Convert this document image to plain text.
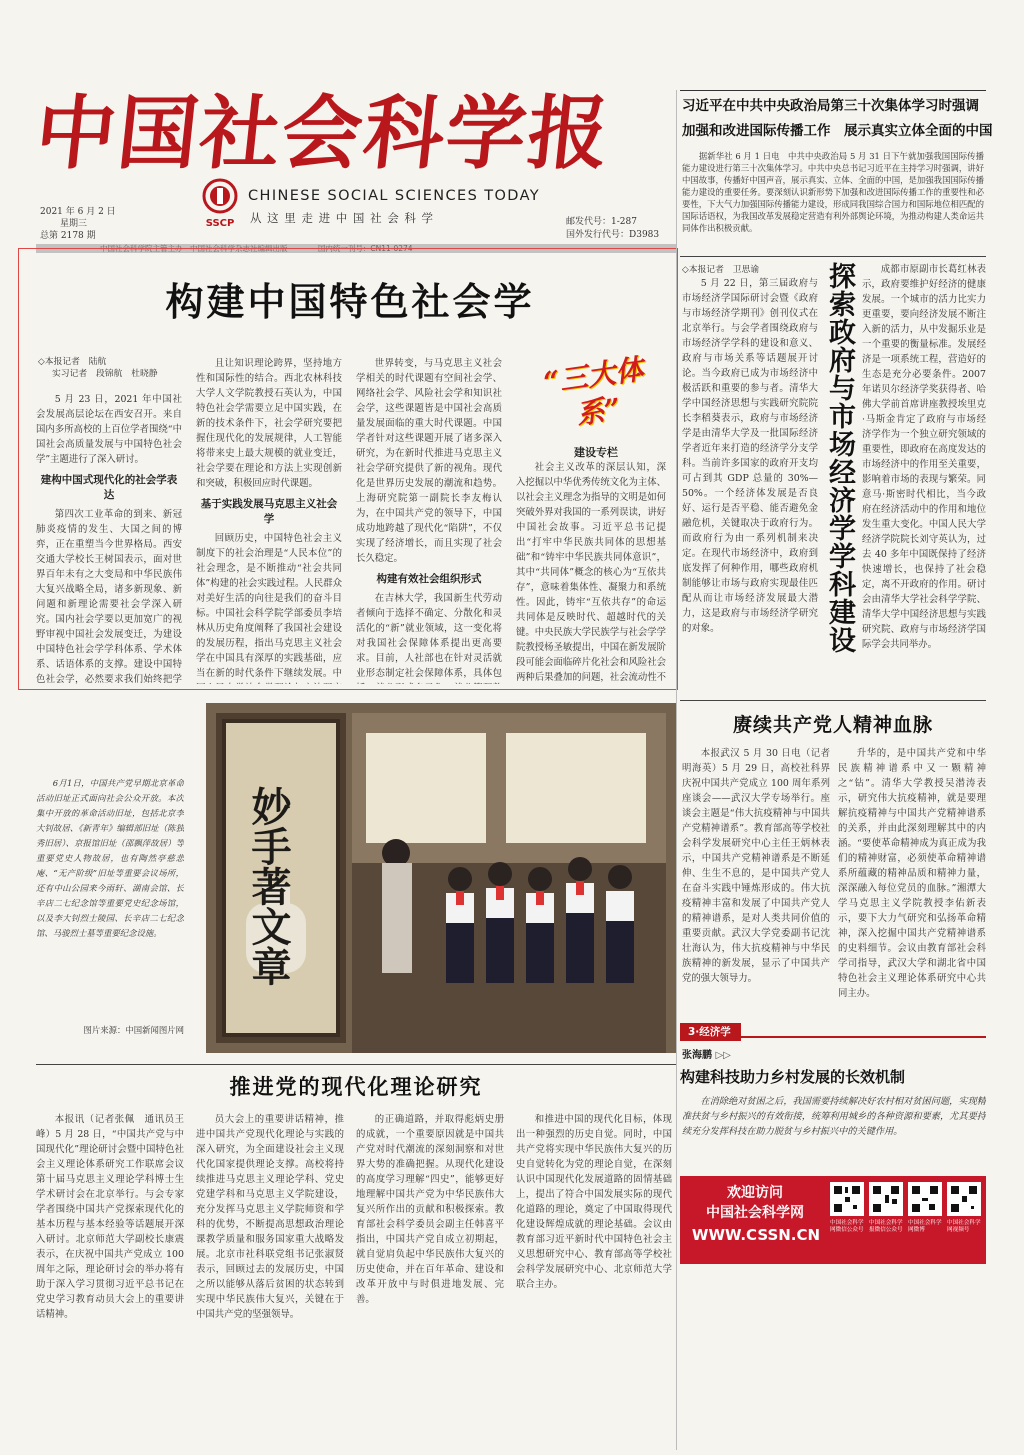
中国社会科学报
SSCP
CHINESE SOCIAL SCIENCES TODAY
从 这 里 走 进 中 国 社 会 科 学
2021 年 6 月 2 日
星期三
总第 2178 期
邮发代号：1-287
国外发行代号：D3983
中国社会科学院主管主办　中国社会科学杂志社编辑出版	国内统一刊号：CN11-0274
习近平在中共中央政治局第三十次集体学习时强调
加强和改进国际传播工作　展示真实立体全面的中国
据新华社 6 月 1 日电　中共中央政治局 5 月 31 日下午就加强我国国际传播能力建设进行第三十次集体学习。中共中央总书记习近平在主持学习时强调，讲好中国故事，传播好中国声音，展示真实、立体、全面的中国，是加强我国国际传播能力建设的重要任务。要深刻认识新形势下加强和改进国际传播工作的重要性和必要性，下大气力加强国际传播能力建设，形成同我国综合国力和国际地位相匹配的国际话语权，为我国改革发展稳定营造有利外部舆论环境，为推动构建人类命运共同体作出积极贡献。
构建中国特色社会学
◇本报记者　陆航
实习记者　段锦航　杜晓静

5 月 23 日，2021 年中国社会发展高层论坛在西安召开。来自国内多所高校的上百位学者围绕“中国社会高质量发展与中国特色社会学”主题进行了深入研讨。

建构中国式现代化的社会学表达

第四次工业革命的到来、新冠肺炎疫情的发生、大国之间的博弈，正在重塑当今世界格局。西安交通大学校长王树国表示，面对世界百年未有之大变局和中华民族伟大复兴战略全局，诸多新现象、新问题和新理论需要社会学深入研究。国内社会学要以更加宽广的视野审视中国社会发展变迁，为建设中国特色社会学学科体系、学术体系、话语体系的支撑。建设中国特色社会学，必然要求我们始终把学

且让知识理论跨界，坚持地方性和国际性的结合。西北农林科技大学人文学院教授石英认为，中国特色社会学需要立足中国实践，在新的技术条件下，社会学研究要把握住现代化的发展规律，人工智能将带来史上最大规模的就业变迁，社会学要在理论和方法上实现创新和突破，积极回应时代课题。

基于实践发展马克思主义社会学

回顾历史，中国特色社会主义制度下的社会治理是“人民本位”的社会理念，是不断推动“社会共同体”构建的社会实践过程。人民群众对美好生活的向往是我们的奋斗目标。中国社会科学院学部委员李培林从历史角度阐释了我国社会建设的发展历程，指出马克思主义社会学在中国具有深厚的实践基础，应当在新的时代条件下继续发展。中

世界转变，与马克思主义社会学相关的时代课题有空间社会学、网络社会学、风险社会学和知识社会学，这些课题皆是中国社会高质量发展面临的重大时代课题。中国学者针对这些课题开展了诸多深入研究，为在新时代推进马克思主义社会学研究提供了新的视角。现代化是世界历史发展的潮流和趋势。上海研究院第一副院长李友梅认为，在中国共产党的领导下，中国成功地跨越了现代化“陷阱”，不仅实现了经济增长，而且实现了社会长久稳定。

构建有效社会组织形式

在吉林大学，我国新生代劳动者倾向于选择不确定、分散化和灵活化的“新”就业领域，这一变化将对我国社会保障体系提出更高要求。目前，人社部也在针对灵活就业形态制定社会保障体系，具体包

“三大体系”
建设专栏

社会主义改革的深层认知，深入挖掘以中华优秀传统文化为主体、以社会主义理念为指导的文明是如何突破外界对我国的一系列误读，讲好中国社会故事。习近平总书记提出“打牢中华民族共同体的思想基础”和“铸牢中华民族共同体意识”，其中“共同体”概念的核心为“互依共存”，意味着集体性、凝聚力和系统性。因此，铸牢“互依共存”的命运共同体是反映时代、超越时代的关键。中央民族大学民族学与社会学学院教授杨圣敏提出，中国在新发展阶段可能会面临碎片化社会和风险社会两种后果叠加的问题，社会流动性不

◇本报记者　卫思谕

5 月 22 日，第三届政府与市场经济学国际研讨会暨《政府与市场经济学期刊》创刊仪式在北京举行。与会学者围绕政府与市场经济学学科的建设和意义、政府与市场关系等话题展开讨论。当今政府已成为市场经济中极活跃和重要的参与者。清华大学中国经济思想与实践研究院院长李稻葵表示，政府与市场经济学是由清华大学及一批国际经济学者近年来打造的经济学分支学科。当前许多国家的政府开支均可占到其 GDP 总量的 30%—50%。一个经济体发展是否良好、运行是否平稳、能否避免金融危机，关键取决于政府行为。而政府行为由一系列机制来决定。在现代市场经济中，政府到底发挥了何种作用，哪些政府机制能够让市场与政府实现最佳匹配从而让市场经济发展最大潜力，这是政府与市场经济学研究的对象。	探索政府与市场经济学学科建设	成都市原副市长葛红林表示，政府要维护好经济的健康发展。一个城市的活力比实力更重要，要向经济发展不断注入新的活力，从中发掘乐业是一个重要的衡量标准。发展经济是一项系统工程，营造好的生态是充分必要条件。2007 年诺贝尔经济学奖获得者、哈佛大学前首席讲座教授埃里克·马斯金肯定了政府与市场经济学作为一个独立研究领域的重要性，即政府在高度发达的市场经济中的作用至关重要，影响着市场的表现与繁荣。同意马·斯密时代相比，当今政府在经济活动中的作用和地位发生重大变化。中国人民大学经济学院院长刘守英认为，过去 40 多年中国既保持了经济快速增长，也保持了社会稳定，离不开政府的作用。研讨会由清华大学社会科学学院、清华大学中国经济思想与实践研究院、政府与市场经济学国际学会共同举办。

妙手著文章
6月1日，中国共产党早期北京革命活动旧址正式面向社会公众开放。本次集中开放的革命活动旧址，包括北京李大钊故居、《新青年》编辑部旧址（陈独秀旧居）、京报馆旧址（邵飘萍故居）等重要党史人物故居，也有陶然亭慈悲庵、“无产阶级”旧址等重要会议场所，还有中山公园来今雨轩、湖南会馆、长辛店二七纪念馆等重要党史纪念场馆，以及李大钊烈士陵园、长辛店二七纪念馆、马骏烈士墓等重要纪念设施。
图片来源：中国新闻图片网
赓续共产党人精神血脉

本报武汉 5 月 30 日电（记者明海英）5 月 29 日，高校社科界庆祝中国共产党成立 100 周年系列座谈会——武汉大学专场举行。座谈会主题是“伟大抗疫精神与中国共产党精神谱系”。教育部高等学校社会科学发展研究中心主任王炳林表示，中国共产党精神谱系是不断延伸、生生不息的，是中国共产党人在奋斗实践中锤炼形成的。伟大抗疫精神丰富和发展了中国共产党人的精神谱系，是对人类共同价值的重要贡献。武汉大学党委副书记沈壮海认为，伟大抗疫精神与中华民族精神的新发展，显示了中国共产党的强大领导力。

升华的，是中国共产党和中华民族精神谱系中又一颗精神之“钻”。清华大学教授吴潜涛表示，研究伟大抗疫精神，就是要理解抗疫精神与中国共产党精神谱系的关系，并由此深刻理解其中的内涵。“要使革命精神成为真正成为我们的精神财富，必须使革命精神谱系所蕴藏的精神品质和精神力量，深深融入每位党员的血脉。”湘潭大学马克思主义学院教授李佑新表示，要下大力气研究和弘扬革命精神，深入挖掘中国共产党精神谱系的史料细节。会议由教育部社会科学司指导，武汉大学和湖北省中国特色社会主义理论体系研究中心共同主办。

3·经济学
张海鹏 ▷▷
构建科技助力乡村发展的长效机制
在消除绝对贫困之后，我国需要持续解决好农村相对贫困问题，实现精准扶贫与乡村振兴的有效衔接，统筹利用城乡的各种资源和要素，尤其要持续充分发挥科技在助力脱贫与乡村振兴中的关键作用。
欢迎访问
中国社会科学网
WWW.CSSN.CN
中国社会科学网微信公众号
中国社会科学报微信公众号
中国社会科学网微博
中国社会科学网视频号
推进党的现代化理论研究

本报讯（记者张佩　通讯员王峰）5 月 28 日，“中国共产党与中国现代化”理论研讨会暨中国特色社会主义理论体系研究工作联席会议第十届马克思主义理论学科博士生学术研讨会在北京举行。与会专家学者围绕中国共产党探索现代化的基本历程与基本经验等话题展开深入研讨。北京师范大学副校长康震表示，在庆祝中国共产党成立 100 周年之际，理论研讨会的举办将有助于深入学习贯彻习近平总书记在党史学习教育动员大会上的重要讲话精神。

员大会上的重要讲话精神，推进中国共产党现代化理论与实践的深入研究，为全面建设社会主义现代化国家提供理论支撑。高校将持续推进马克思主义理论学科、党史党建学科和马克思主义学院建设，充分发挥马克思主义学院师资和学科的优势，不断提高思想政治理论课教学质量和服务国家重大战略发展。北京市社科联党组书记张淑贤表示，回顾过去的发展历史，中国之所以能够从落后贫困的状态转到实现中华民族伟大复兴，关键在于中国共产党的坚强领导。

的正确道路，并取得彪炳史册的成就，一个重要原因就是中国共产党对时代潮流的深刻洞察和对世界大势的准确把握。从现代化建设的高度学习理解“四史”，能够更好地理解中国共产党为中华民族伟大复兴所作出的贡献和积极探索。教育部社会科学委员会副主任韩喜平指出，中国共产党自成立初期起，就自觉肩负起中华民族伟大复兴的历史使命，并在百年革命、建设和改革开放中与时俱进地发展、完善。

和推进中国的现代化目标，体现出一种强烈的历史自觉。同时，中国共产党将实现中华民族伟大复兴的历史自觉转化为党的理论自觉，在深刻认识中国现代化发展道路的固情基础上，提出了符合中国发展实际的现代化道路的理论，奠定了中国取得现代化建设辉煌成就的理论基础。会议由教育部习近平新时代中国特色社会主义思想研究中心、教育部高等学校社会科学发展研究中心、北京师范大学联合主办。
